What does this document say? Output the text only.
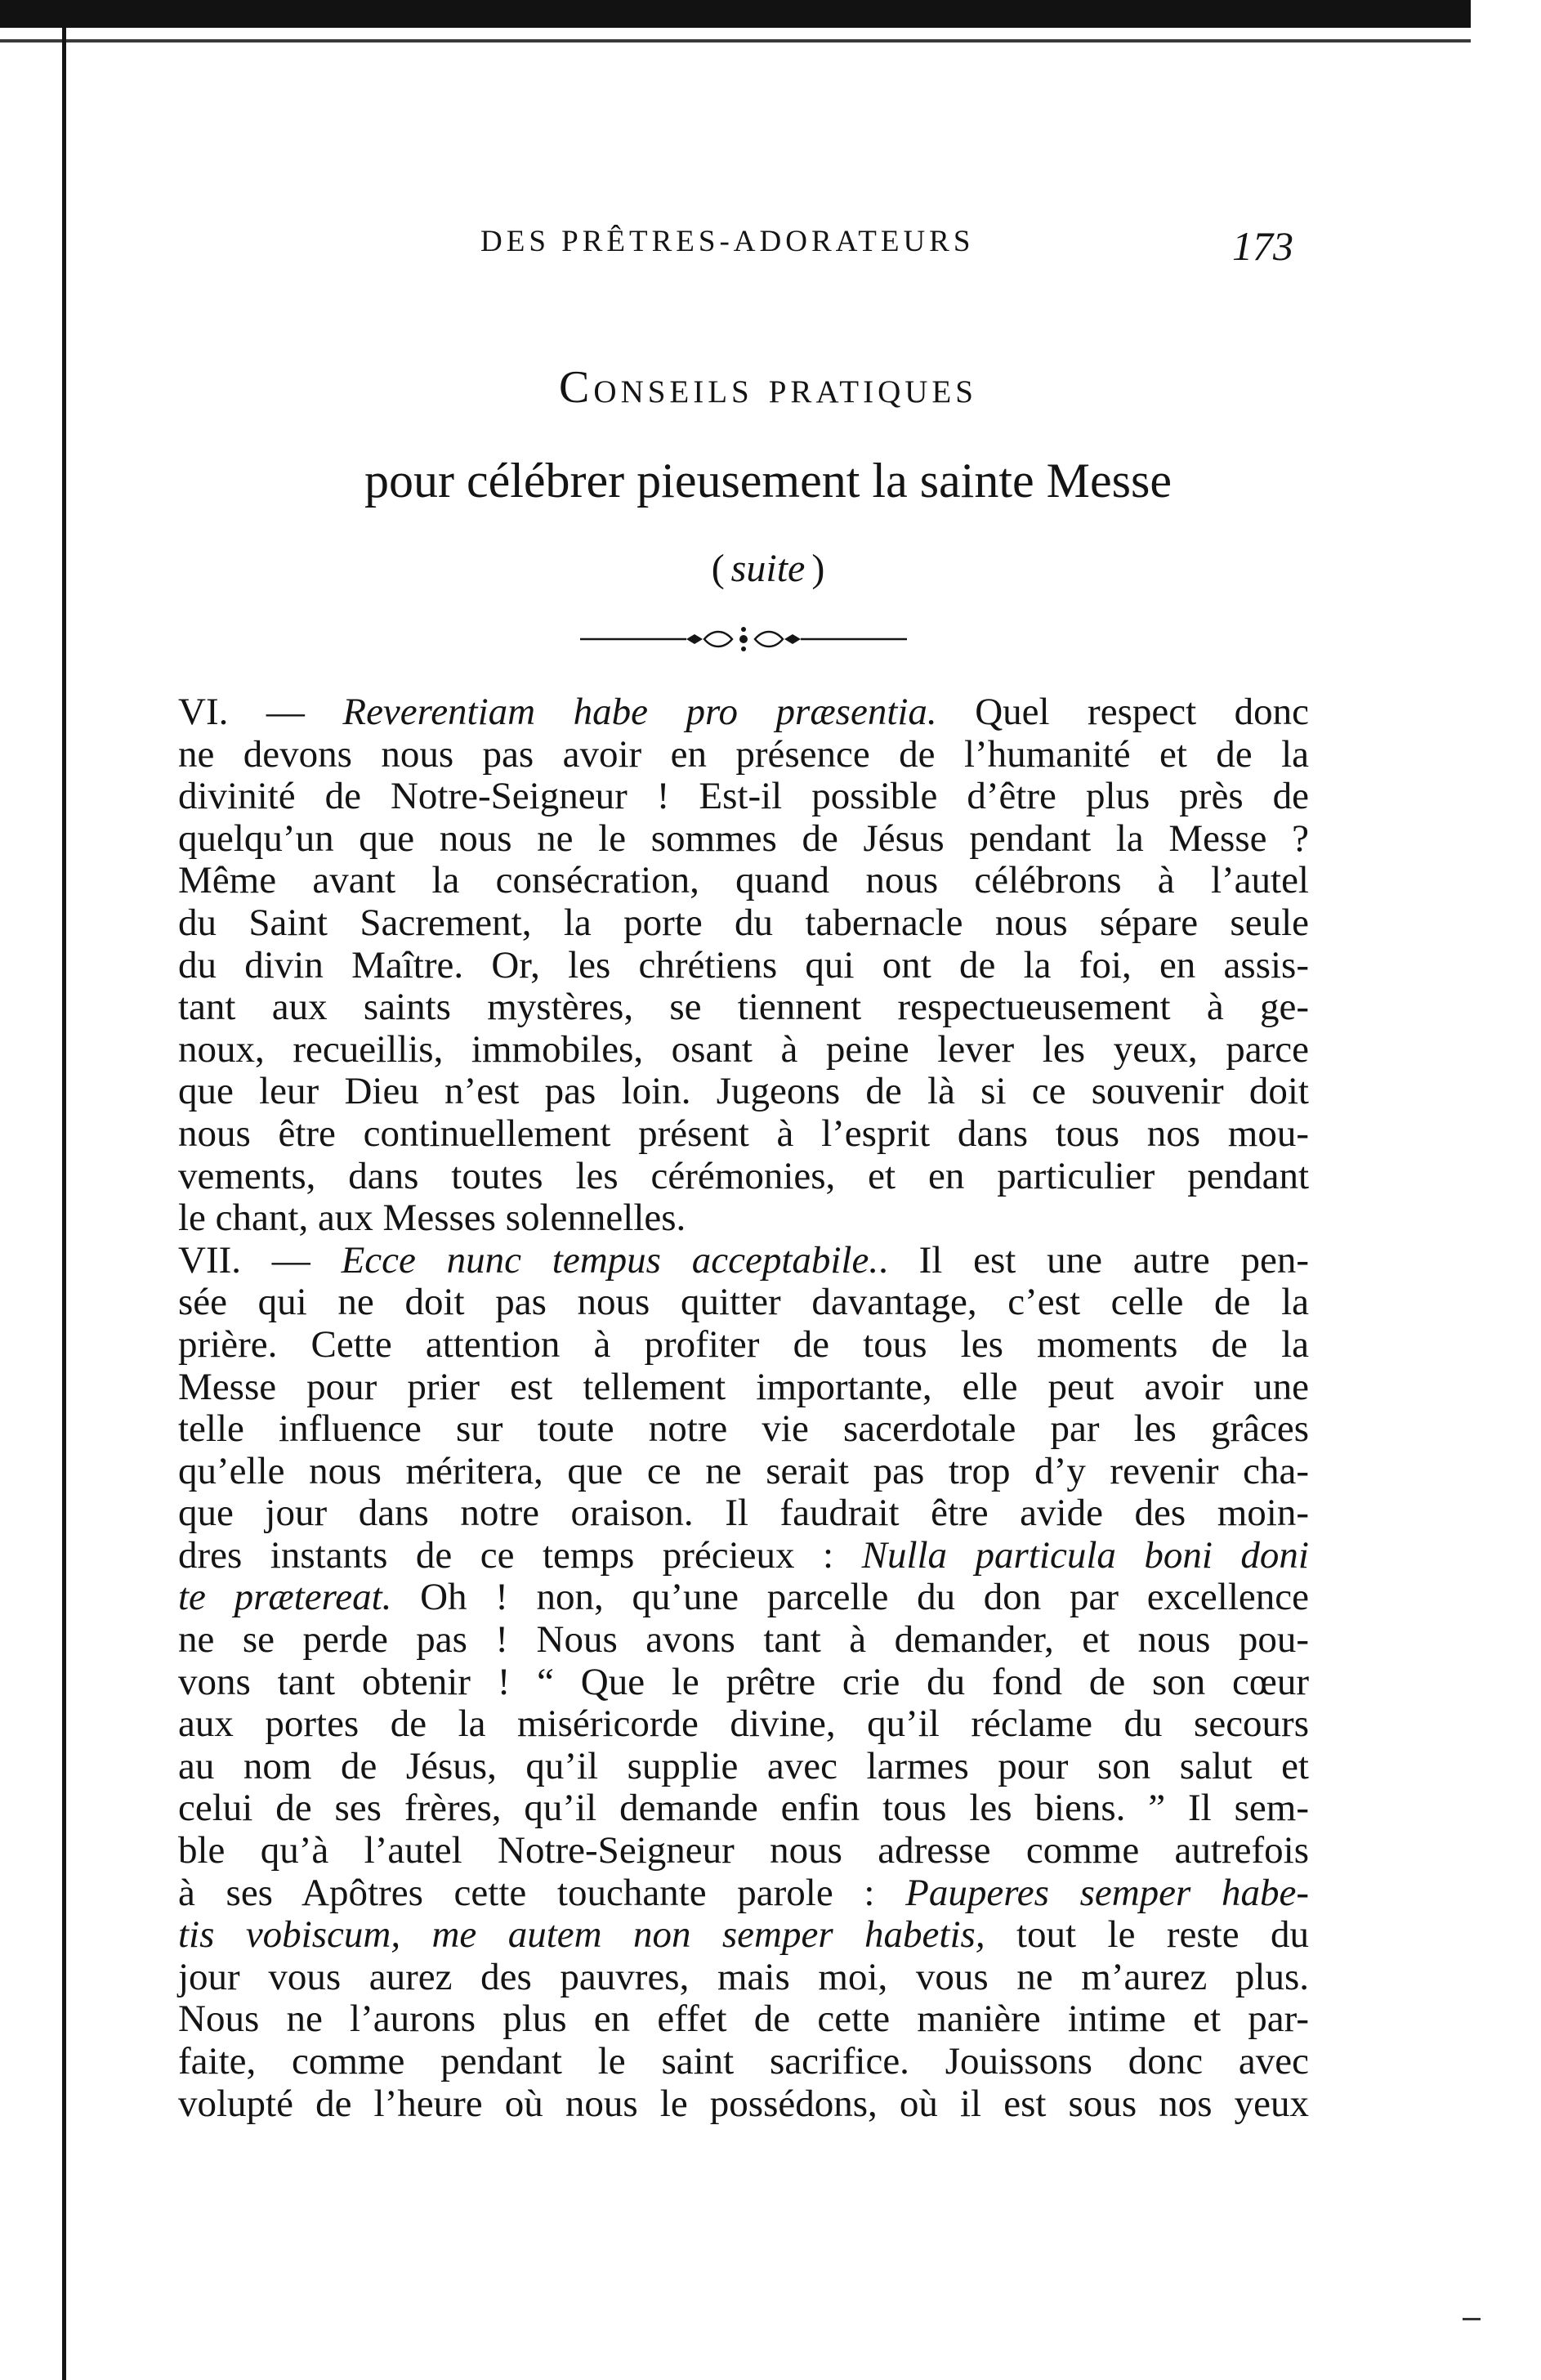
DES PRÊTRES-ADORATEURS	173
Conseils pratiques
pour célébrer pieusement la sainte Messe
( suite )
VI. — Reverentiam habe pro præsentia. Quel respect donc
ne devons nous pas avoir en présence de l’humanité et de la
divinité de Notre-Seigneur ! Est-il possible d’être plus près de
quelqu’un que nous ne le sommes de Jésus pendant la Messe ?
Même avant la consécration, quand nous célébrons à l’autel
du Saint Sacrement, la porte du tabernacle nous sépare seule
du divin Maître. Or, les chrétiens qui ont de la foi, en assis-
tant aux saints mystères, se tiennent respectueusement à ge-
noux, recueillis, immobiles, osant à peine lever les yeux, parce
que leur Dieu n’est pas loin. Jugeons de là si ce souvenir doit
nous être continuellement présent à l’esprit dans tous nos mou-
vements, dans toutes les cérémonies, et en particulier pendant
le chant, aux Messes solennelles.
VII. — Ecce nunc tempus acceptabile.. Il est une autre pen-
sée qui ne doit pas nous quitter davantage, c’est celle de la
prière. Cette attention à profiter de tous les moments de la
Messe pour prier est tellement importante, elle peut avoir une
telle influence sur toute notre vie sacerdotale par les grâces
qu’elle nous méritera, que ce ne serait pas trop d’y revenir cha-
que jour dans notre oraison. Il faudrait être avide des moin-
dres instants de ce temps précieux : Nulla particula boni doni
te prætereat. Oh ! non, qu’une parcelle du don par excellence
ne se perde pas ! Nous avons tant à demander, et nous pou-
vons tant obtenir ! “ Que le prêtre crie du fond de son cœur
aux portes de la miséricorde divine, qu’il réclame du secours
au nom de Jésus, qu’il supplie avec larmes pour son salut et
celui de ses frères, qu’il demande enfin tous les biens. ” Il sem-
ble qu’à l’autel Notre-Seigneur nous adresse comme autrefois
à ses Apôtres cette touchante parole : Pauperes semper habe-
tis vobiscum, me autem non semper habetis, tout le reste du
jour vous aurez des pauvres, mais moi, vous ne m’aurez plus.
Nous ne l’aurons plus en effet de cette manière intime et par-
faite, comme pendant le saint sacrifice. Jouissons donc avec
volupté de l’heure où nous le possédons, où il est sous nos yeux
